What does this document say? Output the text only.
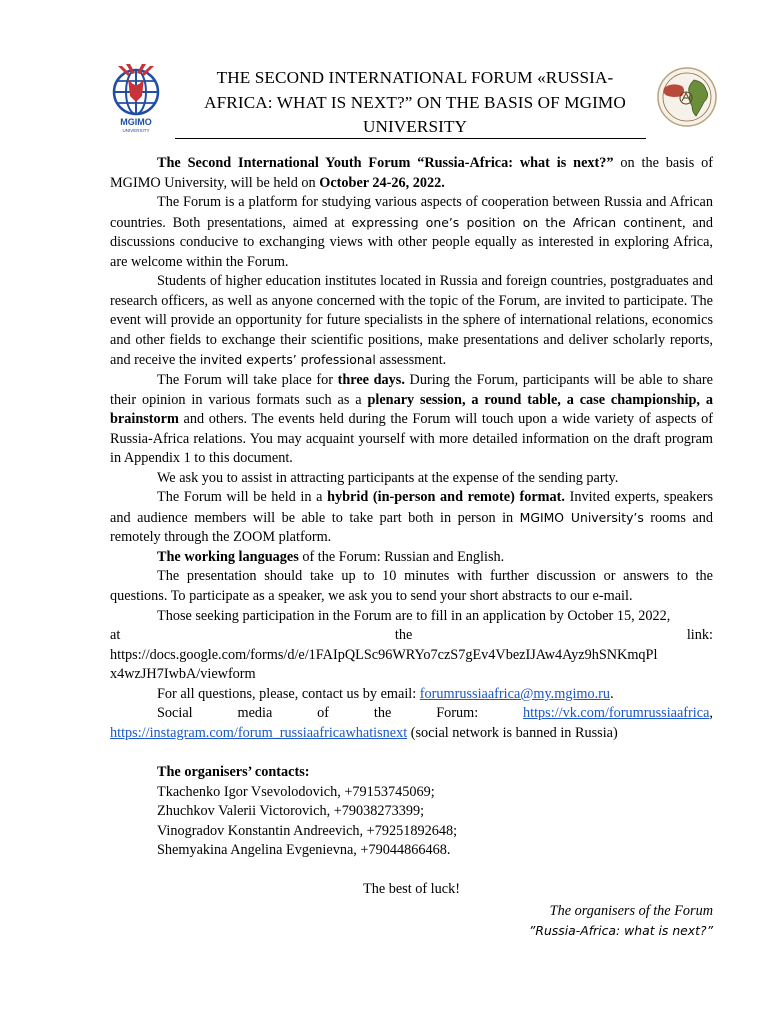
MGIMO
UNIVERSITY
THE SECOND INTERNATIONAL FORUM «RUSSIA-AFRICA: WHAT IS NEXT?” ON THE BASIS OF MGIMO UNIVERSITY

The Second International Youth Forum “Russia-Africa: what is next?” on the basis of MGIMO University, will be held on October 24-26, 2022.

The Forum is a platform for studying various aspects of cooperation between Russia and African countries. Both presentations, aimed at expressing one’s position on the African continent, and discussions conducive to exchanging views with other people equally as interested in exploring Africa, are welcome within the Forum.

Students of higher education institutes located in Russia and foreign countries, postgraduates and research officers, as well as anyone concerned with the topic of the Forum, are invited to participate. The event will provide an opportunity for future specialists in the sphere of international relations, economics and other fields to exchange their scientific positions, make presentations and deliver scholarly reports, and receive the invited experts’ professional assessment.

The Forum will take place for three days. During the Forum, participants will be able to share their opinion in various formats such as a plenary session, a round table, a case championship, a brainstorm and others. The events held during the Forum will touch upon a wide variety of aspects of Russia-Africa relations. You may acquaint yourself with more detailed information on the draft program in Appendix 1 to this document.

We ask you to assist in attracting participants at the expense of the sending party.

The Forum will be held in a hybrid (in-person and remote) format. Invited experts, speakers and audience members will be able to take part both in person in MGIMO University’s rooms and remotely through the ZOOM platform.

The working languages of the Forum: Russian and English.

The presentation should take up to 10 minutes with further discussion or answers to the questions. To participate as a speaker, we ask you to send your short abstracts to our e-mail.

Those seeking participation in the Forum are to fill in an application by October 15, 2022,

at	the	link:

https://docs.google.com/forms/d/e/1FAIpQLSc96WRYo7czS7gEv4VbezIJAw4Ayz9hSNKmqPl
x4wzJH7IwbA/viewform

For all questions, please, contact us by email: forumrussiaafrica@my.mgimo.ru.

Social	media	of	the	Forum:	https://vk.com/forumrussiaafrica,

https://instagram.com/forum_russiaafricawhatisnext (social network is banned in Russia)

The organisers’ contacts:

Tkachenko Igor Vsevolodovich, +79153745069;

Zhuchkov Valerii Victorovich, +79038273399;

Vinogradov Konstantin Andreevich, +79251892648;

Shemyakina Angelina Evgenievna, +79044866468.

The best of luck!

The organisers of the Forum

”Russia-Africa: what is next?”
